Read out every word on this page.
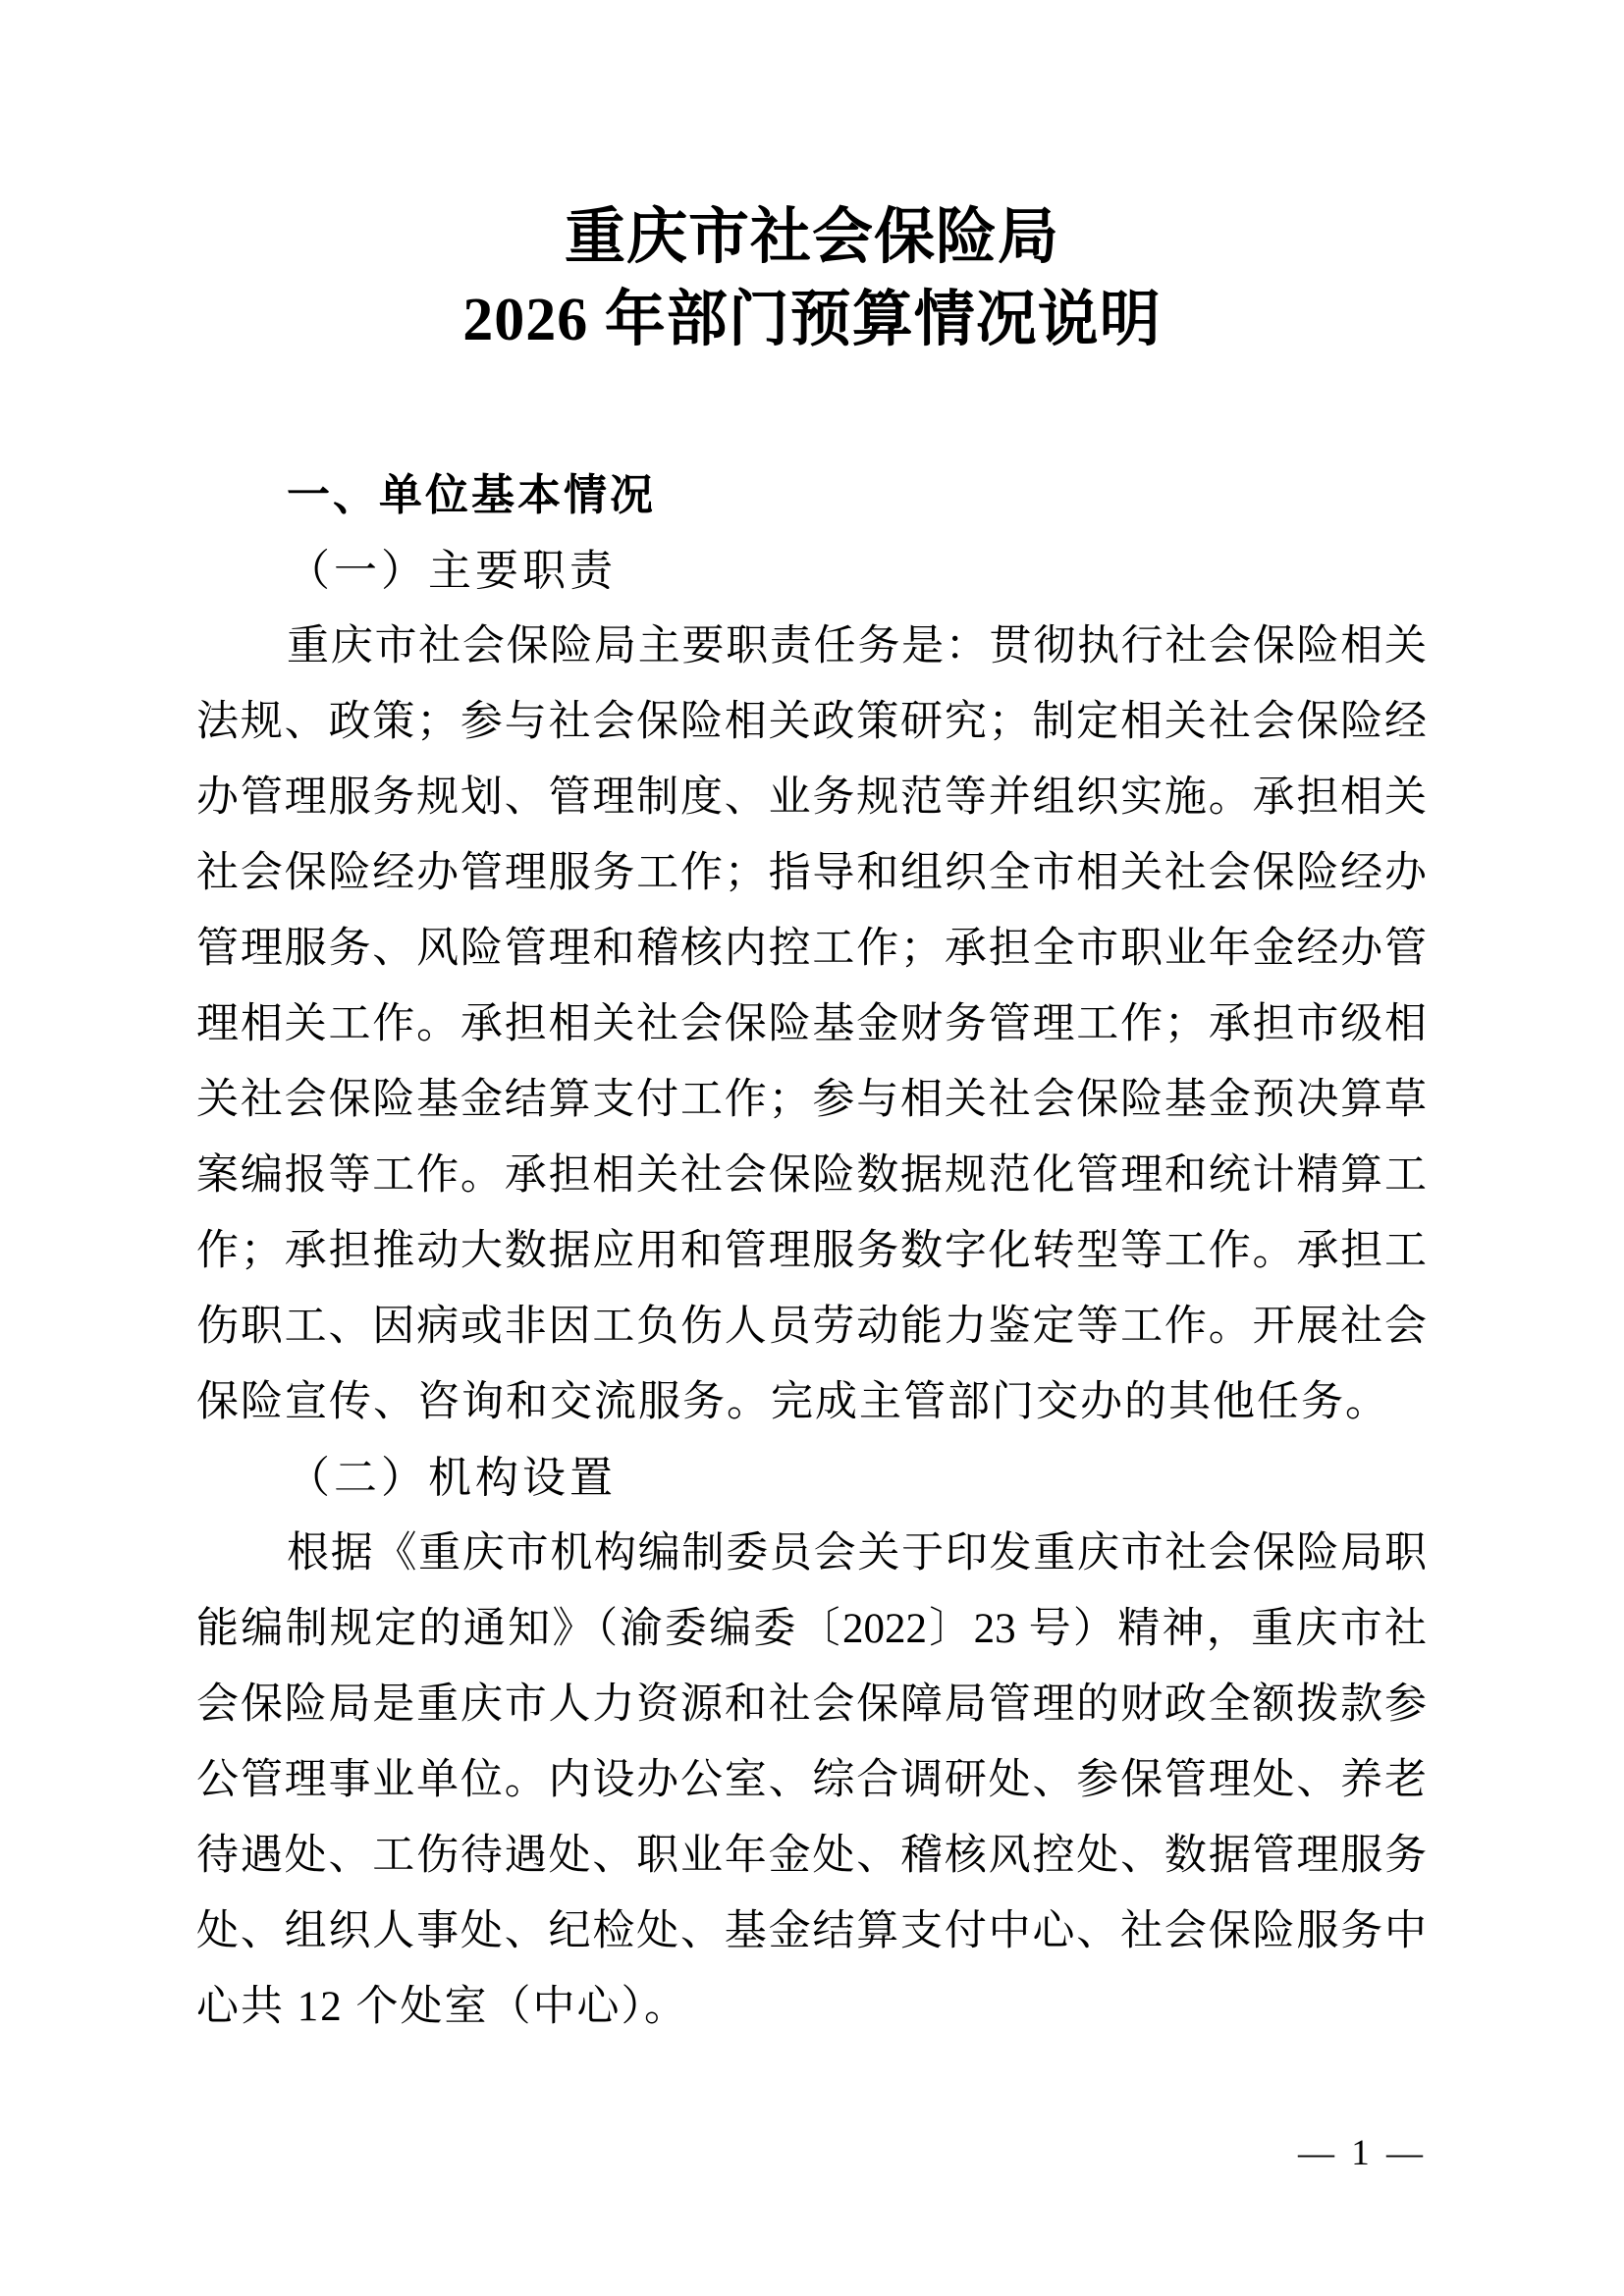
重庆市社会保险局
2026 年部门预算情况说明
一、单位基本情况
（一）主要职责
重庆市社会保险局主要职责任务是：贯彻执行社会保险相关
法规、政策；参与社会保险相关政策研究；制定相关社会保险经
办管理服务规划、管理制度、业务规范等并组织实施。承担相关
社会保险经办管理服务工作；指导和组织全市相关社会保险经办
管理服务、风险管理和稽核内控工作；承担全市职业年金经办管
理相关工作。承担相关社会保险基金财务管理工作；承担市级相
关社会保险基金结算支付工作；参与相关社会保险基金预决算草
案编报等工作。承担相关社会保险数据规范化管理和统计精算工
作；承担推动大数据应用和管理服务数字化转型等工作。承担工
伤职工、因病或非因工负伤人员劳动能力鉴定等工作。开展社会
保险宣传、咨询和交流服务。完成主管部门交办的其他任务。
（二）机构设置
根据《重庆市机构编制委员会关于印发重庆市社会保险局职
能编制规定的通知》（渝委编委〔2022〕23 号）精神，重庆市社
会保险局是重庆市人力资源和社会保障局管理的财政全额拨款参
公管理事业单位。内设办公室、综合调研处、参保管理处、养老
待遇处、工伤待遇处、职业年金处、稽核风控处、数据管理服务
处、组织人事处、纪检处、基金结算支付中心、社会保险服务中
心共 12 个处室（中心）。
— 1 —
